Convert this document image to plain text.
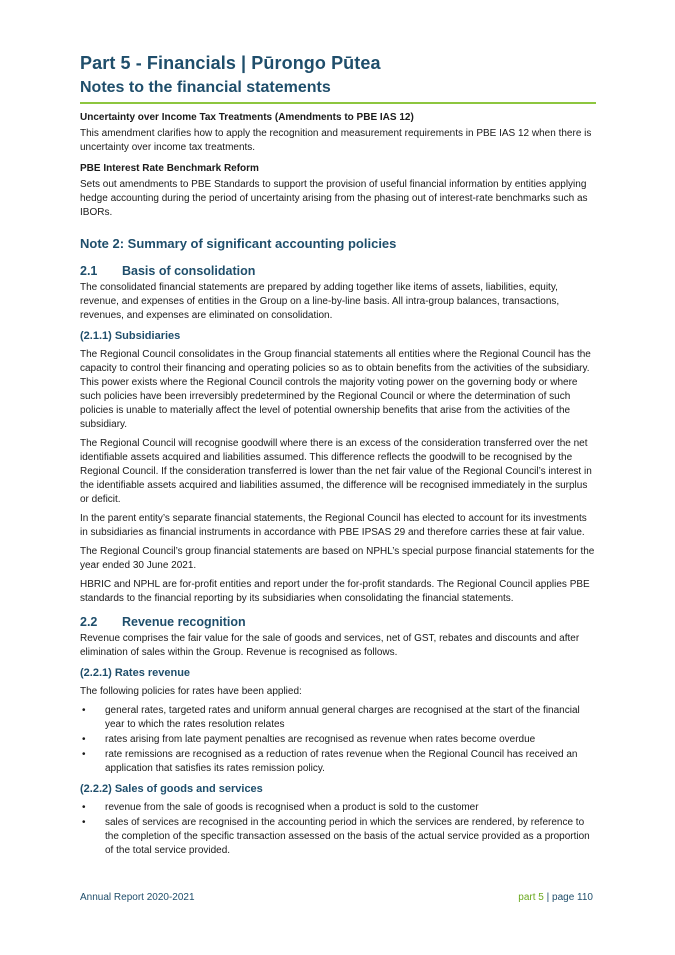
Part 5 - Financials | Pūrongo Pūtea
Notes to the financial statements
Uncertainty over Income Tax Treatments (Amendments to PBE IAS 12)

This amendment clarifies how to apply the recognition and measurement requirements in PBE IAS 12 when there is uncertainty over income tax treatments.

PBE Interest Rate Benchmark Reform

Sets out amendments to PBE Standards to support the provision of useful financial information by entities applying hedge accounting during the period of uncertainty arising from the phasing out of interest-rate benchmarks such as IBORs.

Note 2: Summary of significant accounting policies
2.1	Basis of consolidation

The consolidated financial statements are prepared by adding together like items of assets, liabilities, equity, revenue, and expenses of entities in the Group on a line-by-line basis. All intra-group balances, transactions, revenues, and expenses are eliminated on consolidation.

(2.1.1) Subsidiaries

The Regional Council consolidates in the Group financial statements all entities where the Regional Council has the capacity to control their financing and operating policies so as to obtain benefits from the activities of the subsidiary. This power exists where the Regional Council controls the majority voting power on the governing body or where such policies have been irreversibly predetermined by the Regional Council or where the determination of such policies is unable to materially affect the level of potential ownership benefits that arise from the activities of the subsidiary.

The Regional Council will recognise goodwill where there is an excess of the consideration transferred over the net identifiable assets acquired and liabilities assumed. This difference reflects the goodwill to be recognised by the Regional Council. If the consideration transferred is lower than the net fair value of the Regional Council’s interest in the identifiable assets acquired and liabilities assumed, the difference will be recognised immediately in the surplus or deficit.

In the parent entity’s separate financial statements, the Regional Council has elected to account for its investments in subsidiaries as financial instruments in accordance with PBE IPSAS 29 and therefore carries these at fair value.

The Regional Council’s group financial statements are based on NPHL’s special purpose financial statements for the year ended 30 June 2021.

HBRIC and NPHL are for-profit entities and report under the for-profit standards. The Regional Council applies PBE standards to the financial reporting by its subsidiaries when consolidating the financial statements.

2.2	Revenue recognition

Revenue comprises the fair value for the sale of goods and services, net of GST, rebates and discounts and after elimination of sales within the Group. Revenue is recognised as follows.

(2.2.1) Rates revenue

The following policies for rates have been applied:

• general rates, targeted rates and uniform annual general charges are recognised at the start of the financial year to which the rates resolution relates
• rates arising from late payment penalties are recognised as revenue when rates become overdue
• rate remissions are recognised as a reduction of rates revenue when the Regional Council has received an application that satisfies its rates remission policy.
(2.2.2) Sales of goods and services
• revenue from the sale of goods is recognised when a product is sold to the customer
• sales of services are recognised in the accounting period in which the services are rendered, by reference to the completion of the specific transaction assessed on the basis of the actual service provided as a proportion of the total service provided.
Annual Report 2020-2021	part 5 | page 110
